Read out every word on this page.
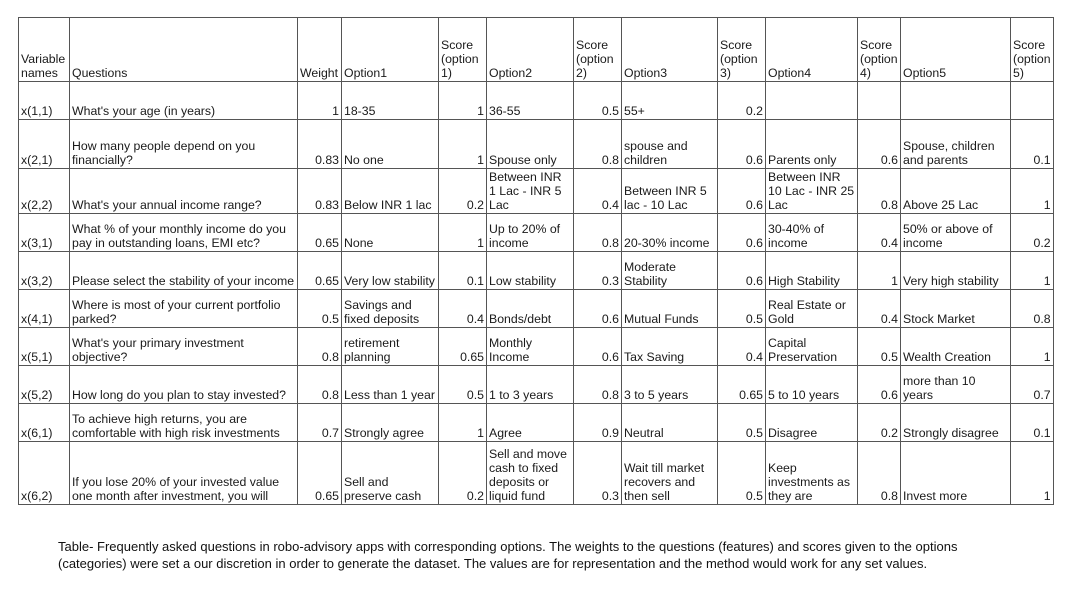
Variable names	Questions	Weight	Option1	Score (option 1)	Option2	Score (option 2)	Option3	Score (option 3)	Option4	Score (option 4)	Option5	Score (option 5)
x(1,1)	What's your age (in years)	1	18-35	1	36-55	0.5	55+	0.2				
x(2,1)	How many people depend on you financially?	0.83	No one	1	Spouse only	0.8	spouse and children	0.6	Parents only	0.6	Spouse, children and parents	0.1
x(2,2)	What's your annual income range?	0.83	Below INR 1 lac	0.2	Between INR 1 Lac - INR 5 Lac	0.4	Between INR 5 lac - 10 Lac	0.6	Between INR 10 Lac - INR 25 Lac	0.8	Above 25 Lac	1
x(3,1)	What % of your monthly income do you pay in outstanding loans, EMI etc?	0.65	None	1	Up to 20% of income	0.8	20-30% income	0.6	30-40% of income	0.4	50% or above of income	0.2
x(3,2)	Please select the stability of your income	0.65	Very low stability	0.1	Low stability	0.3	Moderate Stability	0.6	High Stability	1	Very high stability	1
x(4,1)	Where is most of your current portfolio parked?	0.5	Savings and fixed deposits	0.4	Bonds/debt	0.6	Mutual Funds	0.5	Real Estate or Gold	0.4	Stock Market	0.8
x(5,1)	What's your primary investment objective?	0.8	retirement planning	0.65	Monthly Income	0.6	Tax Saving	0.4	Capital Preservation	0.5	Wealth Creation	1
x(5,2)	How long do you plan to stay invested?	0.8	Less than 1 year	0.5	1 to 3 years	0.8	3 to 5 years	0.65	5 to 10 years	0.6	more than 10 years	0.7
x(6,1)	To achieve high returns, you are comfortable with high risk investments	0.7	Strongly agree	1	Agree	0.9	Neutral	0.5	Disagree	0.2	Strongly disagree	0.1
x(6,2)	If you lose 20% of your invested value one month after investment, you will	0.65	Sell and preserve cash	0.2	Sell and move cash to fixed deposits or liquid fund	0.3	Wait till market recovers and then sell	0.5	Keep investments as they are	0.8	Invest more	1
Table- Frequently asked questions in robo-advisory apps with corresponding options. The weights to the questions (features) and scores given to the options (categories) were set a our discretion in order to generate the dataset. The values are for representation and the method would work for any set values.
